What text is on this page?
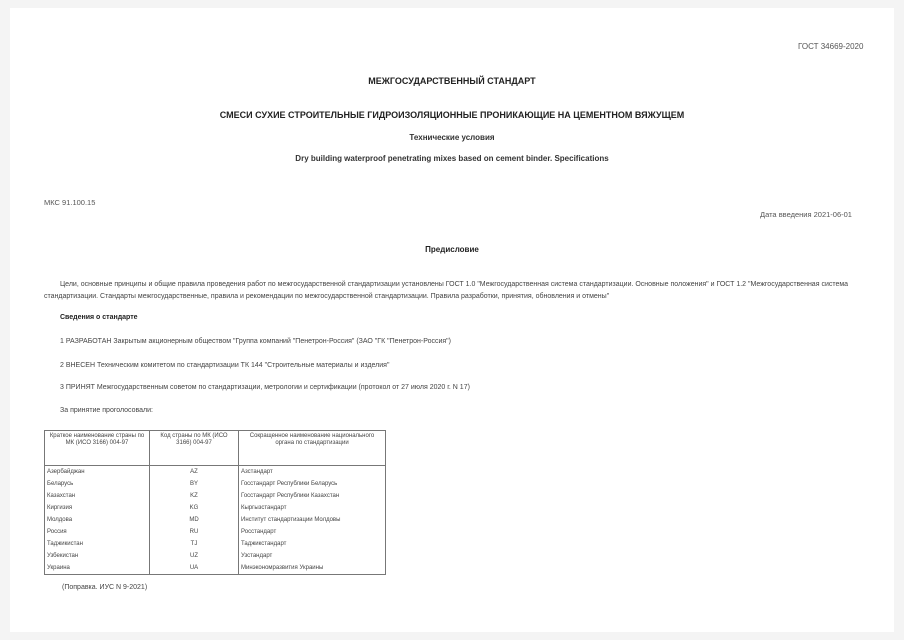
ГОСТ 34669-2020
МЕЖГОСУДАРСТВЕННЫЙ СТАНДАРТ
СМЕСИ СУХИЕ СТРОИТЕЛЬНЫЕ ГИДРОИЗОЛЯЦИОННЫЕ ПРОНИКАЮЩИЕ НА ЦЕМЕНТНОМ ВЯЖУЩЕМ
Технические условия
Dry building waterproof penetrating mixes based on cement binder. Specifications
МКС 91.100.15
Дата введения 2021-06-01
Предисловие
Цели, основные принципы и общие правила проведения работ по межгосударственной стандартизации установлены ГОСТ 1.0 "Межгосударственная система стандартизации. Основные положения" и ГОСТ 1.2 "Межгосударственная система стандартизации. Стандарты межгосударственные, правила и рекомендации по межгосударственной стандартизации. Правила разработки, принятия, обновления и отмены"
Сведения о стандарте
1 РАЗРАБОТАН Закрытым акционерным обществом "Группа компаний "Пенетрон-Россия" (ЗАО "ГК "Пенетрон-Россия")
2 ВНЕСЕН Техническим комитетом по стандартизации ТК 144 "Строительные материалы и изделия"
3 ПРИНЯТ Межгосударственным советом по стандартизации, метрологии и сертификации (протокол от 27 июля 2020 г. N 17)
За принятие проголосовали:
Краткое наименование страны по МК (ИСО 3166) 004-97	Код страны по МК (ИСО 3166) 004-97	Сокращенное наименование национального органа по стандартизации
Азербайджан	AZ	Азстандарт
Беларусь	BY	Госстандарт Республики Беларусь
Казахстан	KZ	Госстандарт Республики Казахстан
Киргизия	KG	Кыргызстандарт
Молдова	MD	Институт стандартизации Молдовы
Россия	RU	Росстандарт
Таджикистан	TJ	Таджикстандарт
Узбекистан	UZ	Узстандарт
Украина	UA	Минэкономразвития Украины
(Поправка. ИУС N 9-2021)
